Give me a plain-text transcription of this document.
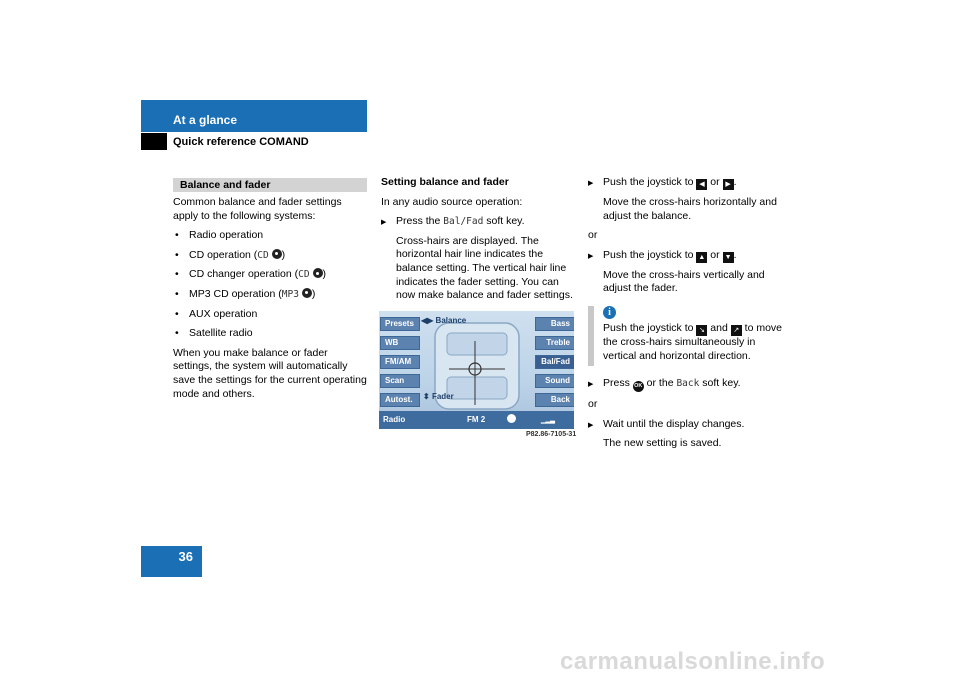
At a glance
Quick reference COMAND
Balance and fader

Common balance and fader settings apply to the following systems:

• Radio operation
• CD operation (CD )
• CD changer operation (CD )
• MP3 CD operation (MP3 )
• AUX operation
• Satellite radio

When you make balance or fader settings, the system will automatically save the settings for the current operating mode and others.

Setting balance and fader

In any audio source operation:

▶ Press the Bal/Fad soft key.
Cross-hairs are displayed. The horizontal hair line indicates the balance setting. The vertical hair line indicates the fader setting. You can now make balance and fader settings.
Presets
WB
FM/AM
Scan
Autost.
Bass
Treble
Bal/Fad
Sound
Back
◀▶ Balance
⬍ Fader
Radio	FM 2	▁▂▃
P82.86-7105-31
▶ Push the joystick to ◀ or ▶ .
Move the cross-hairs horizontally and adjust the balance.

or

▶ Push the joystick to ▲ or ▼ .
Move the cross-hairs vertically and adjust the fader.
i
Push the joystick to ↘ and ↗ to move the cross-hairs simultaneously in vertical and horizontal direction.
▶ Press OK or the Back soft key.

or

▶ Wait until the display changes.
The new setting is saved.
36
carmanualsonline.info
